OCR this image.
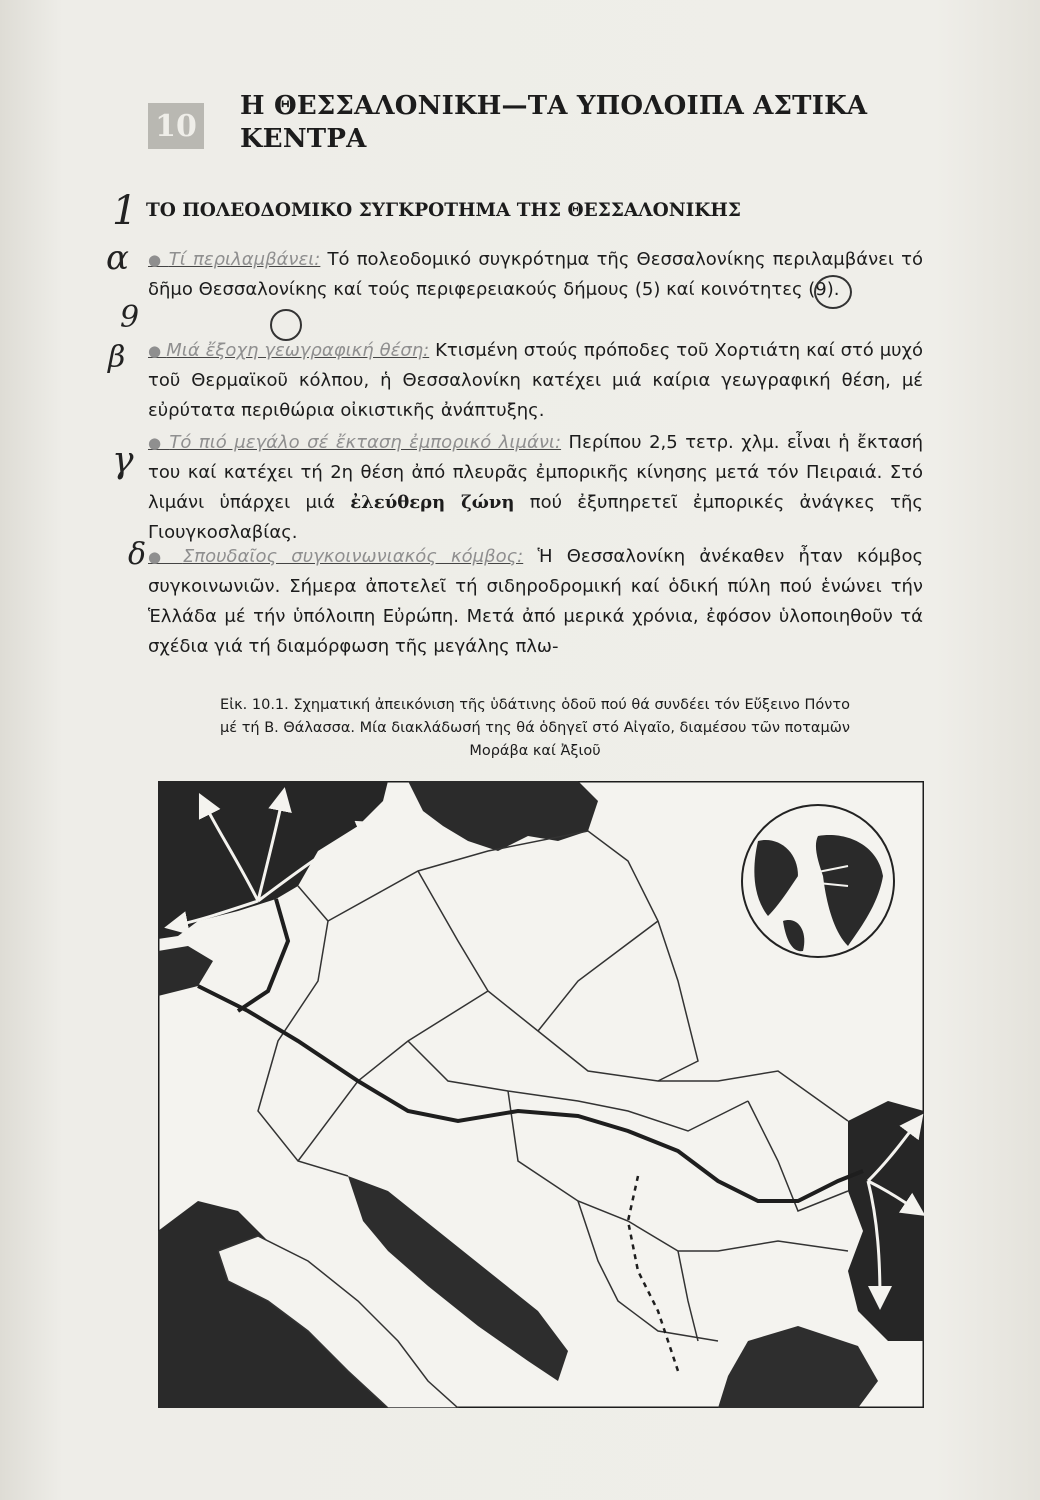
10
Η ΘΕΣΣΑΛΟΝΙΚΗ—ΤΑ ΥΠΟΛΟΙΠΑ ΑΣΤΙΚΑ
ΚΕΝΤΡΑ
1 ΤΟ ΠΟΛΕΟΔΟΜΙΚΟ ΣΥΓΚΡΟΤΗΜΑ ΤΗΣ ΘΕΣΣΑΛΟΝΙΚΗΣ
α
9
β
γ
δ
● Τί περιλαμβάνει: Τό πολεοδομικό συγκρότημα τῆς Θεσσαλονίκης περιλαμβάνει τό δῆμο Θεσσαλονίκης καί τούς περιφερειακούς δήμους (5) καί κοινότητες (9).
● Μιά ἔξοχη γεωγραφική θέση: Κτισμένη στούς πρόποδες τοῦ Χορτιάτη καί στό μυχό τοῦ Θερμαϊκοῦ κόλπου, ἡ Θεσσαλονίκη κατέχει μιά καίρια γεωγραφική θέση, μέ εὐρύτατα περιθώρια οἰκιστικῆς ἀνάπτυξης.
● Τό πιό μεγάλο σέ ἔκταση ἐμπορικό λιμάνι: Περίπου 2,5 τετρ. χλμ. εἶναι ἡ ἔκτασή του καί κατέχει τή 2η θέση ἀπό πλευρᾶς ἐμπορικῆς κίνησης μετά τόν Πειραιά. Στό λιμάνι ὑπάρχει μιά ἐλεύθερη ζώνη πού ἐξυπηρετεῖ ἐμπορικές ἀνάγκες τῆς Γιουγκοσλαβίας.
● Σπουδαῖος συγκοινωνιακός κόμβος: Ἡ Θεσσαλονίκη ἀνέκαθεν ἦταν κόμβος συγκοινωνιῶν. Σήμερα ἀποτελεῖ τή σιδηροδρομική καί ὁδική πύλη πού ἑνώνει τήν Ἑλλάδα μέ τήν ὑπόλοιπη Εὐρώπη. Μετά ἀπό μερικά χρόνια, ἐφόσον ὑλοποιηθοῦν τά σχέδια γιά τή διαμόρφωση τῆς μεγάλης πλω-
Εἰκ. 10.1. Σχηματική ἀπεικόνιση τῆς ὑδάτινης ὁδοῦ πού θά συνδέει τόν Εὔξεινο Πόντο
μέ τή Β. Θάλασσα. Μία διακλάδωσή της θά ὁδηγεῖ στό Αἰγαῖο, διαμέσου τῶν ποταμῶν
Μοράβα καί Ἀξιοῦ
